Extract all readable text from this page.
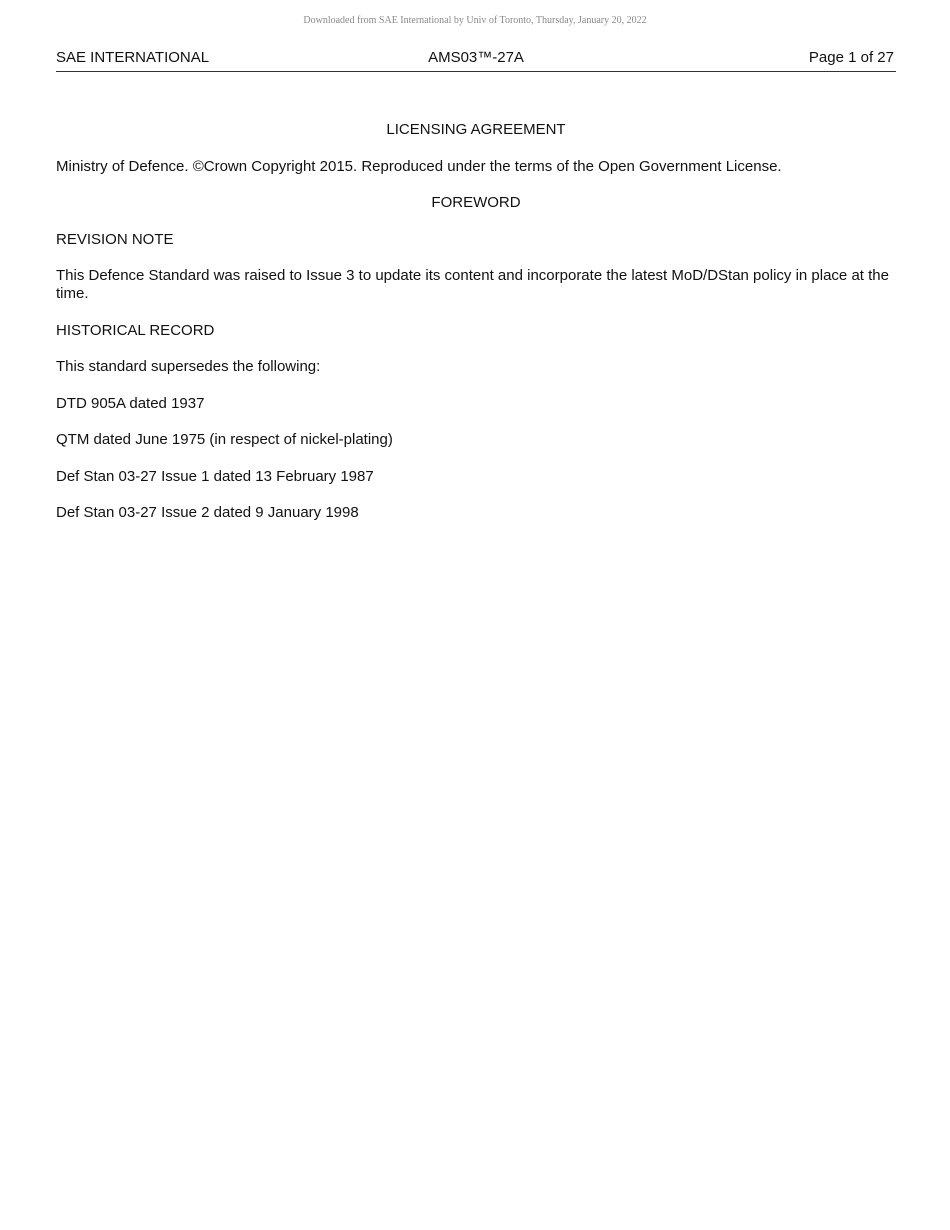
Downloaded from SAE International by Univ of Toronto, Thursday, January 20, 2022
SAE INTERNATIONAL	AMS03™-27A	Page 1 of 27

LICENSING AGREEMENT

Ministry of Defence. ©Crown Copyright 2015. Reproduced under the terms of the Open Government License.

FOREWORD

REVISION NOTE

This Defence Standard was raised to Issue 3 to update its content and incorporate the latest MoD/DStan policy in place at the time.

HISTORICAL RECORD

This standard supersedes the following:

DTD 905A dated 1937

QTM dated June 1975 (in respect of nickel-plating)

Def Stan 03-27 Issue 1 dated 13 February 1987

Def Stan 03-27 Issue 2 dated 9 January 1998
